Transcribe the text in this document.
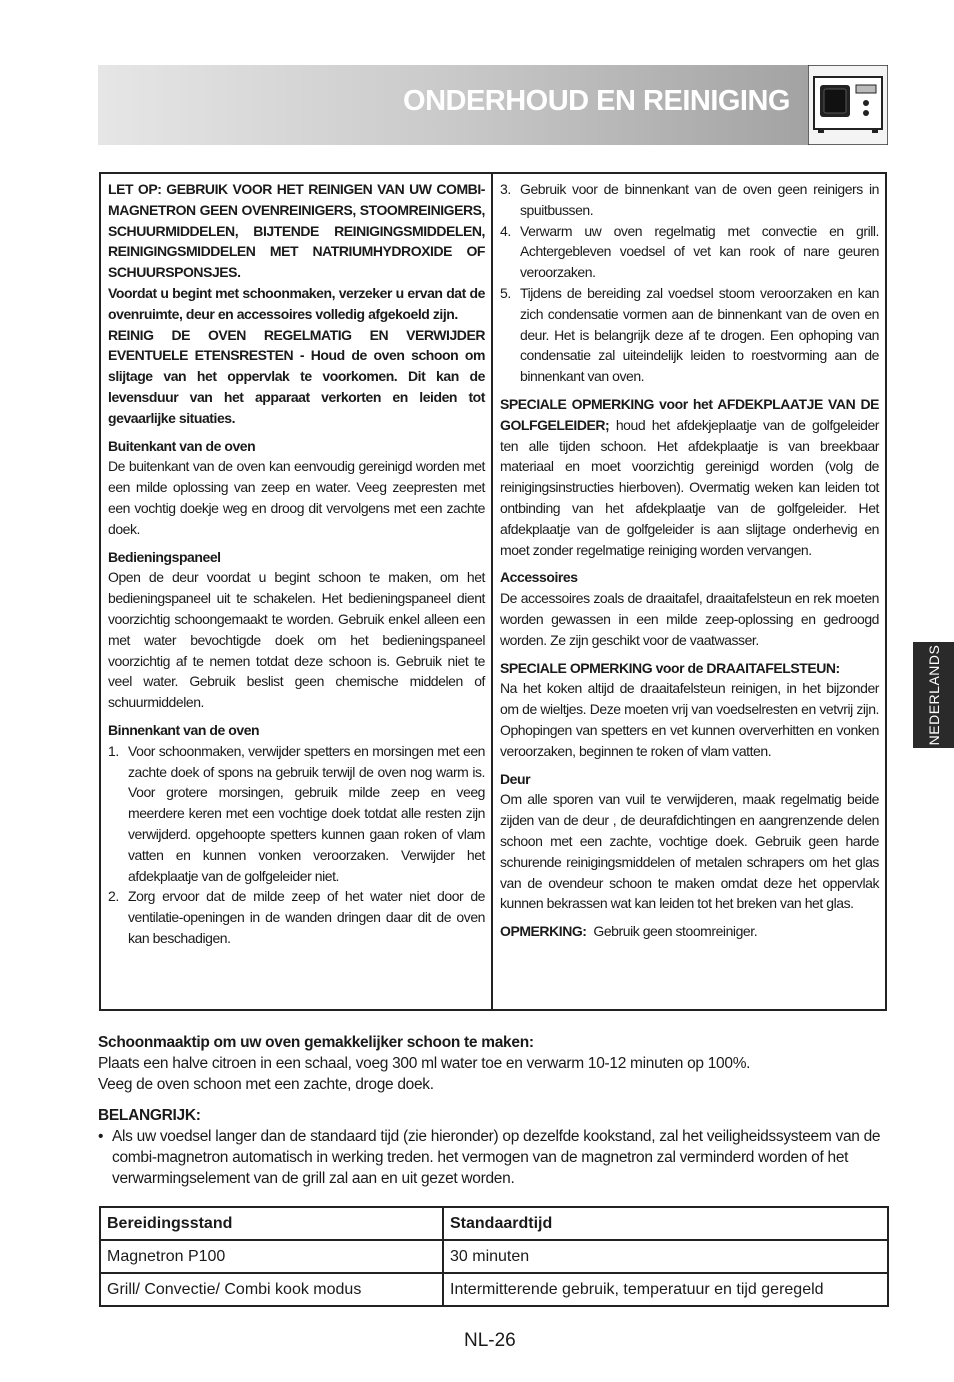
ONDERHOUD EN REINIGING
NEDERLANDS

LET OP: GEBRUIK VOOR HET REINIGEN VAN UW COMBI-MAGNETRON GEEN OVENREINIGERS, STOOMREINIGERS, SCHUURMIDDELEN, BIJTENDE REINIGINGSMIDDELEN, REINIGINGSMIDDELEN MET NATRIUMHYDROXIDE OF SCHUURSPONSJES.

Voordat u begint met schoonmaken, verzeker u ervan dat de ovenruimte, deur en accessoires volledig afgekoeld zijn.

REINIG DE OVEN REGELMATIG EN VERWIJDER EVENTUELE ETENSRESTEN - Houd de oven schoon om slijtage van het oppervlak te voorkomen. Dit kan de levensduur van het apparaat verkorten en leiden tot gevaarlijke situaties.

Buitenkant van de oven

De buitenkant van de oven kan eenvoudig gereinigd worden met een milde oplossing van zeep en water. Veeg zeepresten met een vochtig doekje weg en droog dit vervolgens met een zachte doek.

Bedieningspaneel

Open de deur voordat u begint schoon te maken, om het bedieningspaneel uit te schakelen. Het bedieningspaneel dient voorzichtig schoongemaakt te worden. Gebruik enkel alleen een met water bevochtigde doek om het bedieningspaneel voorzichtig af te nemen totdat deze schoon is. Gebruik niet te veel water. Gebruik beslist geen chemische middelen of schuurmiddelen.

Binnenkant van de oven

1. Voor schoonmaken, verwijder spetters en morsingen met een zachte doek of spons na gebruik terwijl de oven nog warm is. Voor grotere morsingen, gebruik milde zeep en veeg meerdere keren met een vochtige doek totdat alle resten zijn verwijderd. opgehoopte spetters kunnen gaan roken of vlam vatten en kunnen vonken veroorzaken. Verwijder het afdekplaatje van de golfgeleider niet.
2. Zorg ervoor dat de milde zeep of het water niet door de ventilatie-openingen in de wanden dringen daar dit de oven kan beschadigen.
3. Gebruik voor de binnenkant van de oven geen reinigers in spuitbussen.
4. Verwarm uw oven regelmatig met convectie en grill. Achtergebleven voedsel of vet kan rook of nare geuren veroorzaken.
5. Tijdens de bereiding zal voedsel stoom veroorzaken en kan zich condensatie vormen aan de binnenkant van de oven en deur. Het is belangrijk deze af te drogen. Een ophoping van condensatie zal uiteindelijk leiden to roestvorming aan de binnenkant van oven.

SPECIALE OPMERKING voor het AFDEKPLAATJE VAN DE GOLFGELEIDER; houd het afdekjeplaatje van de golfgeleider ten alle tijden schoon. Het afdekplaatje is van breekbaar materiaal en moet voorzichtig gereinigd worden (volg de reinigingsinstructies hierboven). Overmatig weken kan leiden tot ontbinding van het afdekplaatje van de golfgeleider. Het afdekplaatje van de golfgeleider is aan slijtage onderhevig en moet zonder regelmatige reiniging worden vervangen.

Accessoires

De accessoires zoals de draaitafel, draaitafelsteun en rek moeten worden gewassen in een milde zeep-oplossing en gedroogd worden. Ze zijn geschikt voor de vaatwasser.

SPECIALE OPMERKING voor de DRAAITAFELSTEUN:

Na het koken altijd de draaitafelsteun reinigen, in het bijzonder om de wieltjes. Deze moeten vrij van voedselresten en vetvrij zijn. Ophopingen van spetters en vet kunnen oververhitten en vonken veroorzaken, beginnen te roken of vlam vatten.

Deur

Om alle sporen van vuil te verwijderen, maak regelmatig beide zijden van de deur , de deurafdichtingen en aangrenzende delen schoon met een zachte, vochtige doek. Gebruik geen harde schurende reinigingsmiddelen of metalen schrapers om het glas van de ovendeur schoon te maken omdat deze het oppervlak kunnen bekrassen wat kan leiden tot het breken van het glas.

OPMERKING: Gebruik geen stoomreiniger.

Schoonmaaktip om uw oven gemakkelijker schoon te maken:

Plaats een halve citroen in een schaal, voeg 300 ml water toe en verwarm 10-12 minuten op 100%.

Veeg de oven schoon met een zachte, droge doek.

BELANGRIJK:

• Als uw voedsel langer dan de standaard tijd (zie hieronder) op dezelfde kookstand, zal het veiligheidssysteem van de combi-magnetron automatisch in werking treden. het vermogen van de magnetron zal verminderd worden of het verwarmingselement van de grill zal aan en uit gezet worden.
Bereidingsstand	Standaardtijd
Magnetron P100	30 minuten
Grill/ Convectie/ Combi kook modus	Intermitterende gebruik, temperatuur en tijd geregeld
NL-26
